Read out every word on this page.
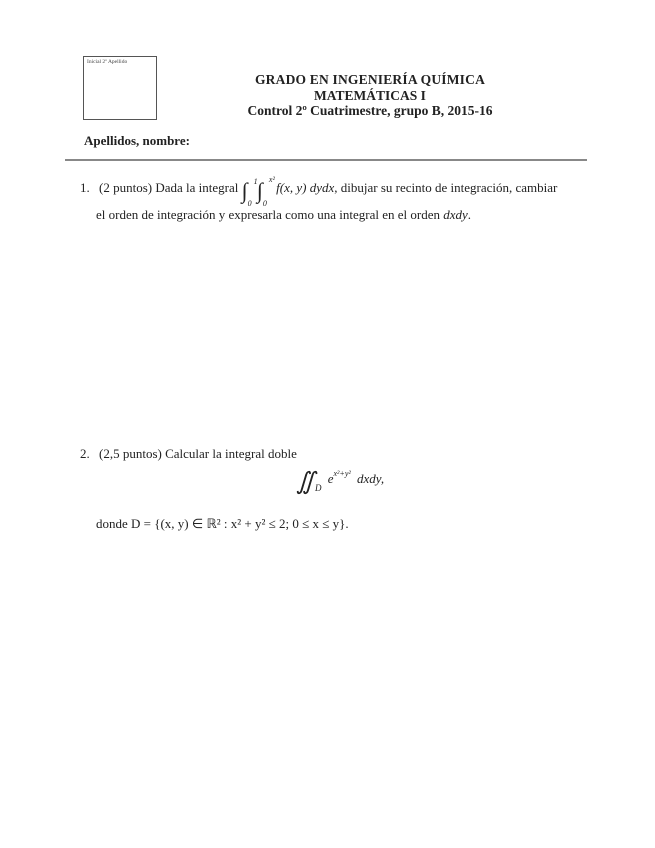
Inicial 2º Apellido
GRADO EN INGENIERÍA QUÍMICA
MATEMÁTICAS I
Control 2º Cuatrimestre, grupo B, 2015-16
Apellidos, nombre:
1. (2 puntos) Dada la integral ∫ 1
0
∫ x²
0
f(x, y) dydx, dibujar su recinto de integración, cambiar
el orden de integración y expresarla como una integral en el orden dxdy.
2. (2,5 puntos) Calcular la integral doble
$∬_D$ $e^{x^2+y^2}$ dxdy,
donde D = {(x, y) ∈ ℝ² : x² + y² ≤ 2; 0 ≤ x ≤ y}.
